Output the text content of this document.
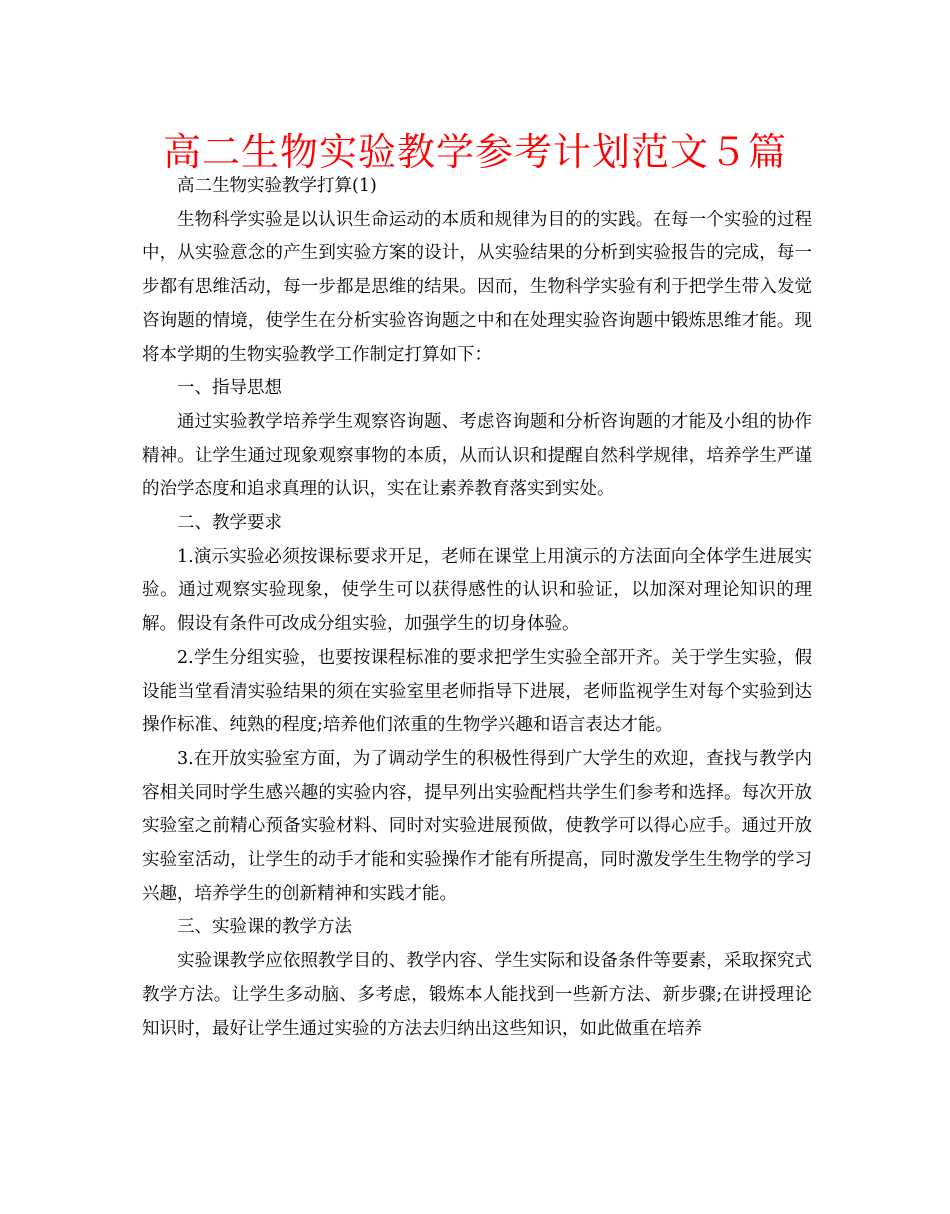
高二生物实验教学参考计划范文５篇

高二生物实验教学打算(1)

生物科学实验是以认识生命运动的本质和规律为目的的实践。在每一个实验的过程中，从实验意念的产生到实验方案的设计，从实验结果的分析到实验报告的完成，每一步都有思维活动，每一步都是思维的结果。因而，生物科学实验有利于把学生带入发觉咨询题的情境，使学生在分析实验咨询题之中和在处理实验咨询题中锻炼思维才能。现将本学期的生物实验教学工作制定打算如下：

一、指导思想

通过实验教学培养学生观察咨询题、考虑咨询题和分析咨询题的才能及小组的协作精神。让学生通过现象观察事物的本质，从而认识和提醒自然科学规律，培养学生严谨的治学态度和追求真理的认识，实在让素养教育落实到实处。

二、教学要求

1.演示实验必须按课标要求开足，老师在课堂上用演示的方法面向全体学生进展实验。通过观察实验现象，使学生可以获得感性的认识和验证，以加深对理论知识的理解。假设有条件可改成分组实验，加强学生的切身体验。

2.学生分组实验，也要按课程标准的要求把学生实验全部开齐。关于学生实验，假设能当堂看清实验结果的须在实验室里老师指导下进展，老师监视学生对每个实验到达操作标准、纯熟的程度;培养他们浓重的生物学兴趣和语言表达才能。

3.在开放实验室方面，为了调动学生的积极性得到广大学生的欢迎，查找与教学内容相关同时学生感兴趣的实验内容，提早列出实验配档共学生们参考和选择。每次开放实验室之前精心预备实验材料、同时对实验进展预做，使教学可以得心应手。通过开放实验室活动，让学生的动手才能和实验操作才能有所提高，同时激发学生生物学的学习兴趣，培养学生的创新精神和实践才能。

三、实验课的教学方法

实验课教学应依照教学目的、教学内容、学生实际和设备条件等要素，采取探究式教学方法。让学生多动脑、多考虑，锻炼本人能找到一些新方法、新步骤;在讲授理论知识时，最好让学生通过实验的方法去归纳出这些知识，如此做重在培养
